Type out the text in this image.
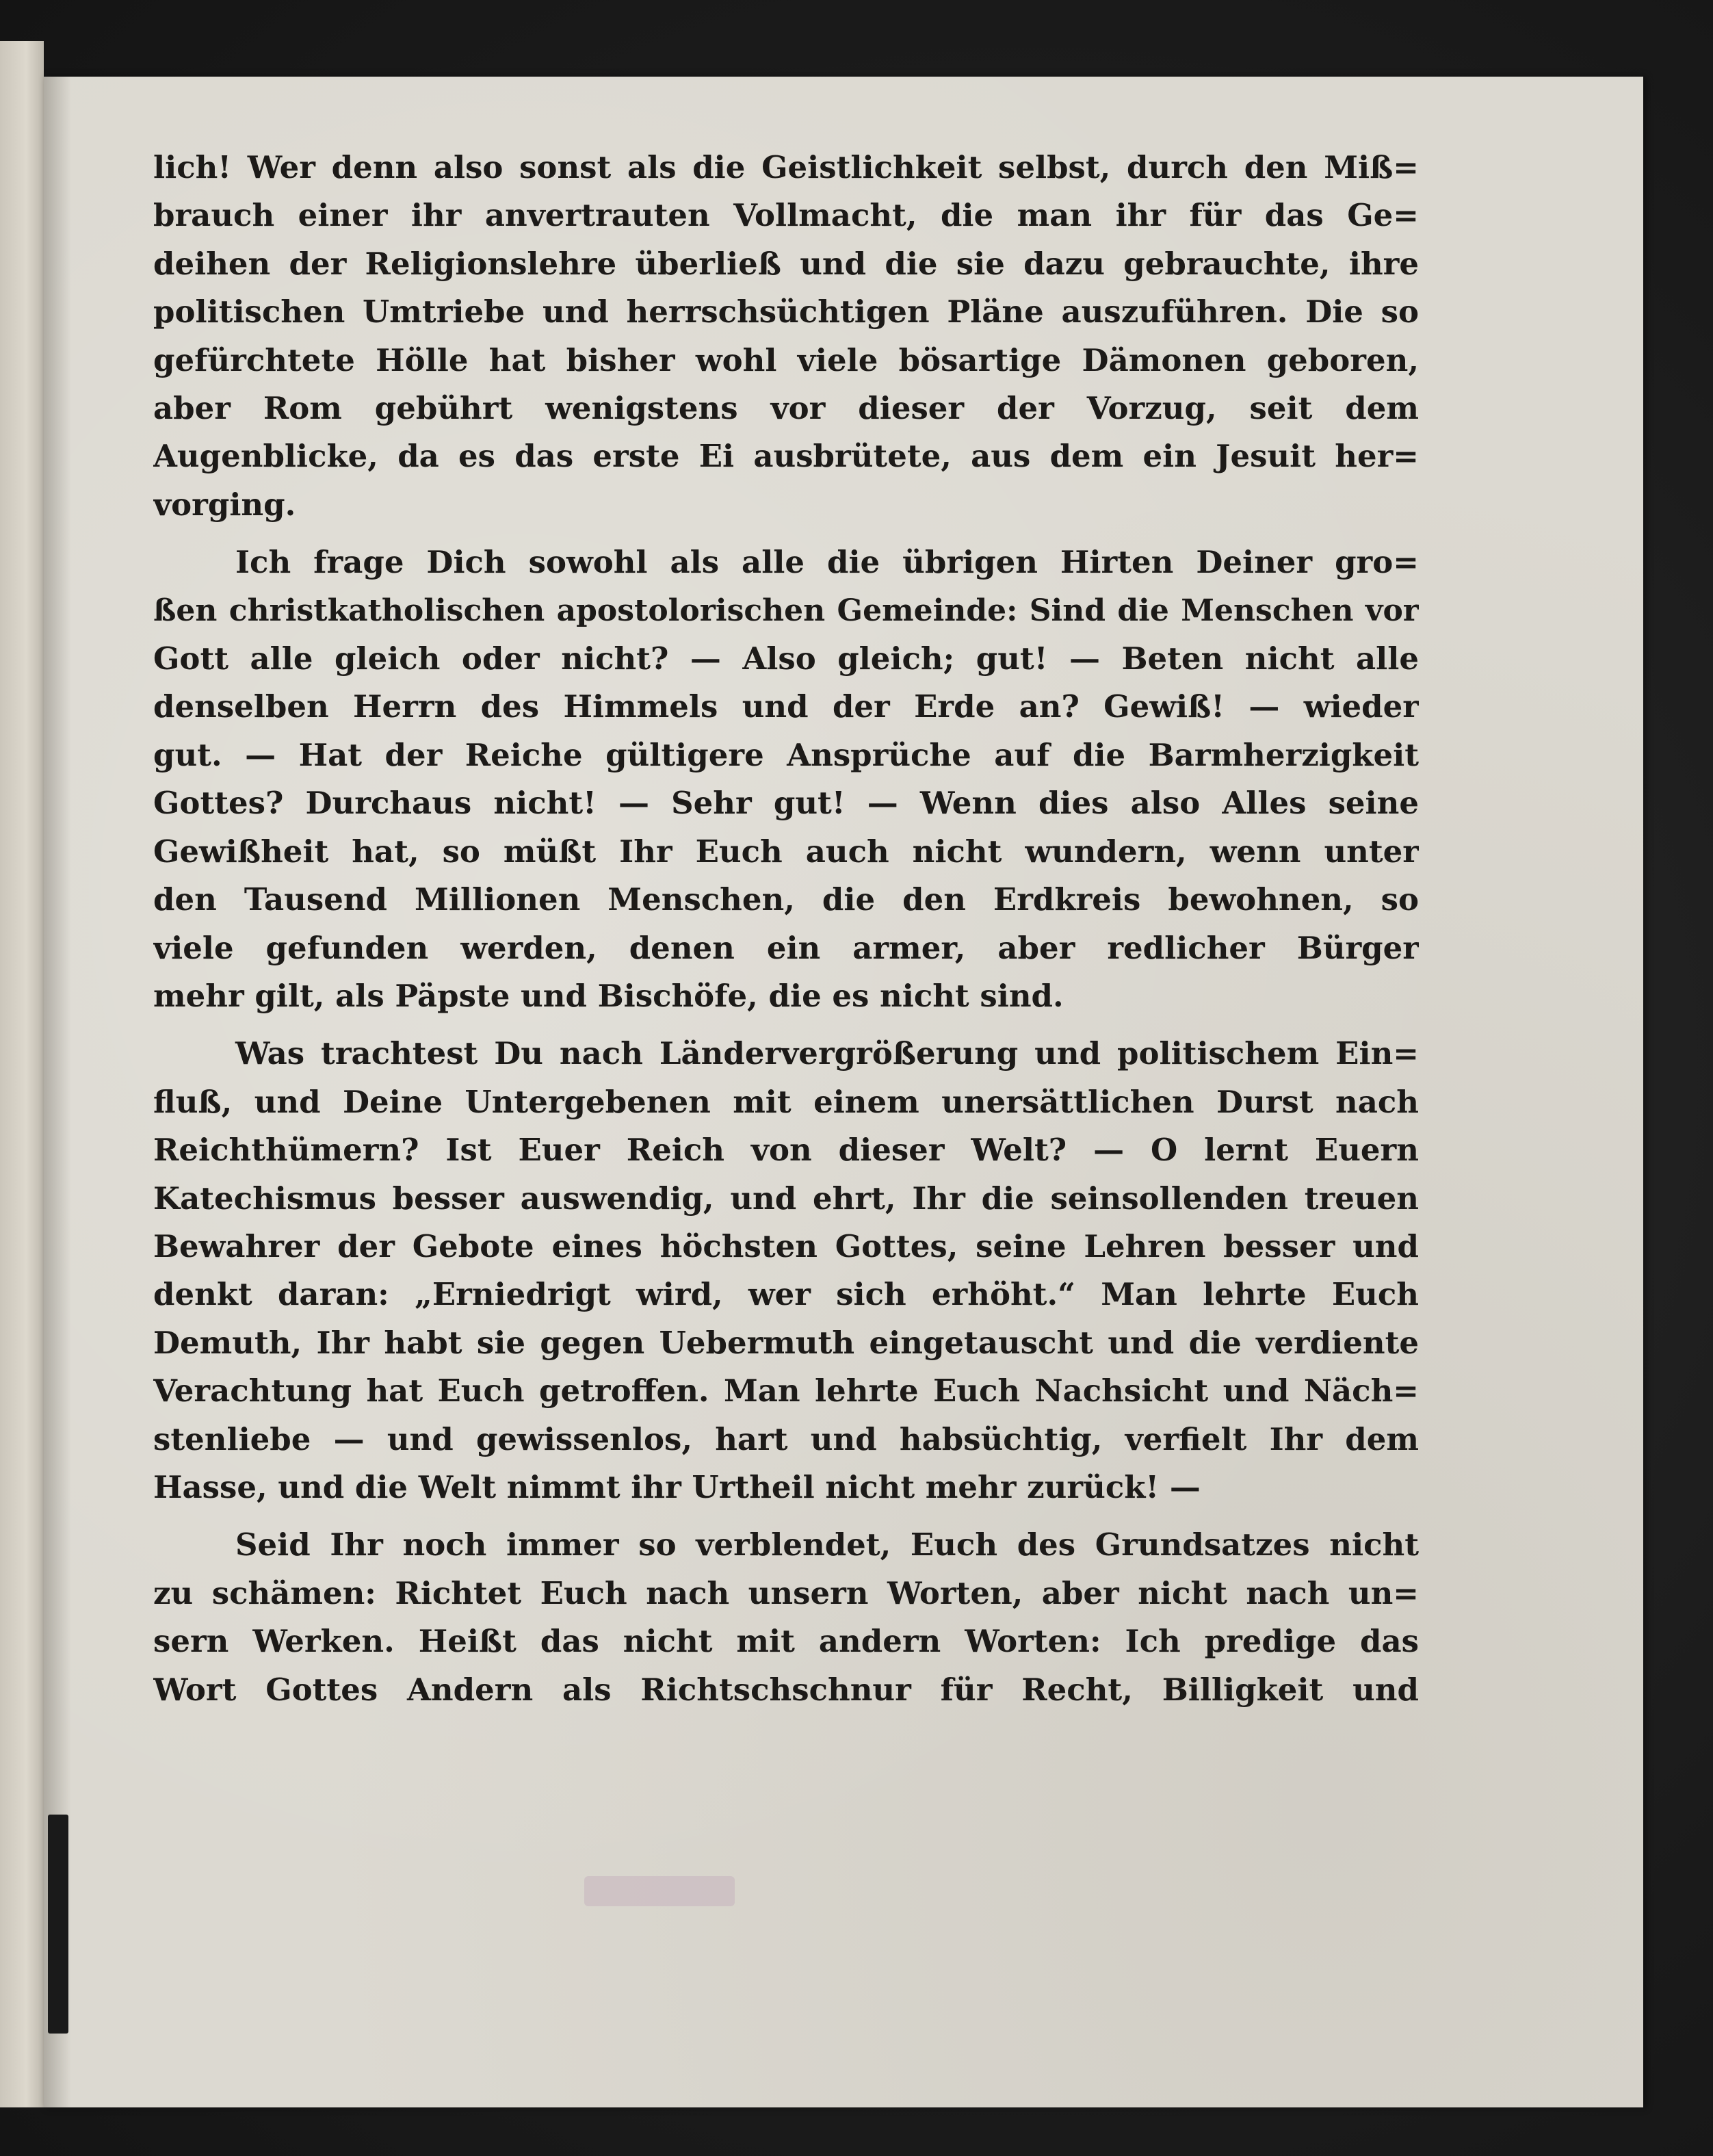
lich! Wer denn also sonst als die Geistlichkeit selbst, durch den Miß=
brauch einer ihr anvertrauten Vollmacht, die man ihr für das Ge=
deihen der Religionslehre überließ und die sie dazu gebrauchte, ihre
politischen Umtriebe und herrschsüchtigen Pläne auszuführen. Die so
gefürchtete Hölle hat bisher wohl viele bösartige Dämonen geboren,
aber Rom gebührt wenigstens vor dieser der Vorzug, seit dem
Augenblicke, da es das erste Ei ausbrütete, aus dem ein Jesuit her=
vorging.
Ich frage Dich sowohl als alle die übrigen Hirten Deiner gro=
ßen christkatholischen apostolorischen Gemeinde: Sind die Menschen vor
Gott alle gleich oder nicht? — Also gleich; gut! — Beten nicht alle
denselben Herrn des Himmels und der Erde an? Gewiß! — wieder
gut. — Hat der Reiche gültigere Ansprüche auf die Barmherzigkeit
Gottes? Durchaus nicht! — Sehr gut! — Wenn dies also Alles seine
Gewißheit hat, so müßt Ihr Euch auch nicht wundern, wenn unter
den Tausend Millionen Menschen, die den Erdkreis bewohnen, so
viele gefunden werden, denen ein armer, aber redlicher Bürger
mehr gilt, als Päpste und Bischöfe, die es nicht sind.
Was trachtest Du nach Ländervergrößerung und politischem Ein=
fluß, und Deine Untergebenen mit einem unersättlichen Durst nach
Reichthümern? Ist Euer Reich von dieser Welt? — O lernt Euern
Katechismus besser auswendig, und ehrt, Ihr die seinsollenden treuen
Bewahrer der Gebote eines höchsten Gottes, seine Lehren besser und
denkt daran: „Erniedrigt wird, wer sich erhöht.“ Man lehrte Euch
Demuth, Ihr habt sie gegen Uebermuth eingetauscht und die verdiente
Verachtung hat Euch getroffen. Man lehrte Euch Nachsicht und Näch=
stenliebe — und gewissenlos, hart und habsüchtig, verfielt Ihr dem
Hasse, und die Welt nimmt ihr Urtheil nicht mehr zurück! —
Seid Ihr noch immer so verblendet, Euch des Grundsatzes nicht
zu schämen: Richtet Euch nach unsern Worten, aber nicht nach un=
sern Werken. Heißt das nicht mit andern Worten: Ich predige das
Wort Gottes Andern als Richtschschnur für Recht, Billigkeit und
